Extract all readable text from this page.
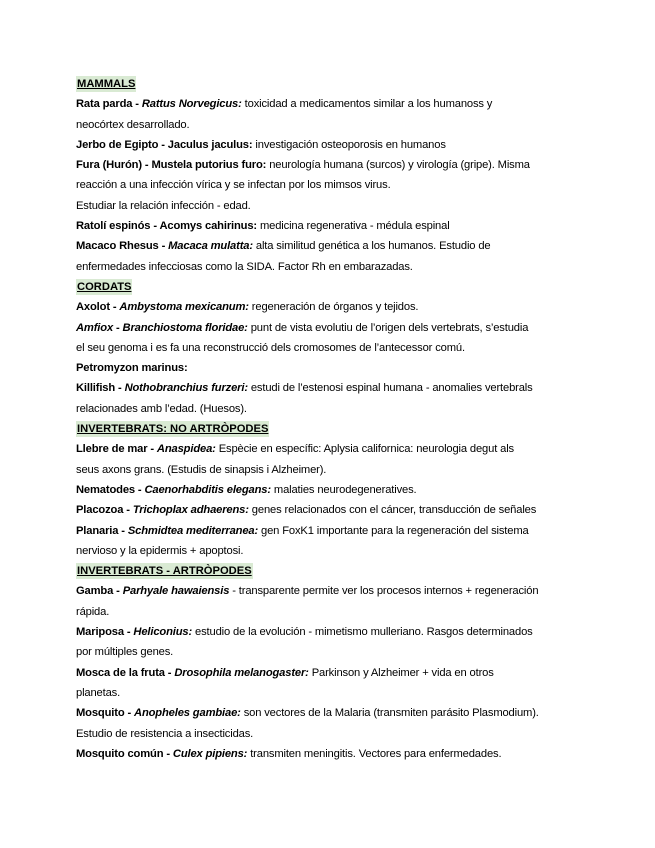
MAMMALS
Rata parda - Rattus Norvegicus: toxicidad a medicamentos similar a los humanoss y
neocórtex desarrollado.
Jerbo de Egipto - Jaculus jaculus: investigación osteoporosis en humanos
Fura (Hurón) - Mustela putorius furo: neurología humana (surcos) y virología (gripe). Misma
reacción a una infección vírica y se infectan por los mimsos virus.
Estudiar la relación infección - edad.
Ratolí espinós - Acomys cahirinus: medicina regenerativa - médula espinal
Macaco Rhesus - Macaca mulatta: alta similitud genética a los humanos. Estudio de
enfermedades infecciosas como la SIDA. Factor Rh en embarazadas.
CORDATS
Axolot - Ambystoma mexicanum: regeneración de órganos y tejidos.
Amfiox - Branchiostoma floridae: punt de vista evolutiu de l’origen dels vertebrats, s’estudia
el seu genoma i es fa una reconstrucció dels cromosomes de l’antecessor comú.
Petromyzon marinus:
Killifish - Nothobranchius furzeri: estudi de l’estenosi espinal humana - anomalies vertebrals
relacionades amb l’edad. (Huesos).
INVERTEBRATS: NO ARTRÒPODES
Llebre de mar - Anaspidea: Espècie en específic: Aplysia californica: neurologia degut als
seus axons grans. (Estudis de sinapsis i Alzheimer).
Nematodes - Caenorhabditis elegans: malaties neurodegeneratives.
Placozoa - Trichoplax adhaerens: genes relacionados con el cáncer, transducción de señales
Planaria - Schmidtea mediterranea: gen FoxK1 importante para la regeneración del sistema
nervioso y la epidermis + apoptosi.
INVERTEBRATS - ARTRÒPODES
Gamba - Parhyale hawaiensis - transparente permite ver los procesos internos + regeneración
rápida.
Mariposa - Heliconius: estudio de la evolución - mimetismo mulleriano. Rasgos determinados
por múltiples genes.
Mosca de la fruta - Drosophila melanogaster: Parkinson y Alzheimer + vida en otros
planetas.
Mosquito - Anopheles gambiae: son vectores de la Malaria (transmiten parásito Plasmodium).
Estudio de resistencia a insecticidas.
Mosquito común - Culex pipiens: transmiten meningitis. Vectores para enfermedades.
